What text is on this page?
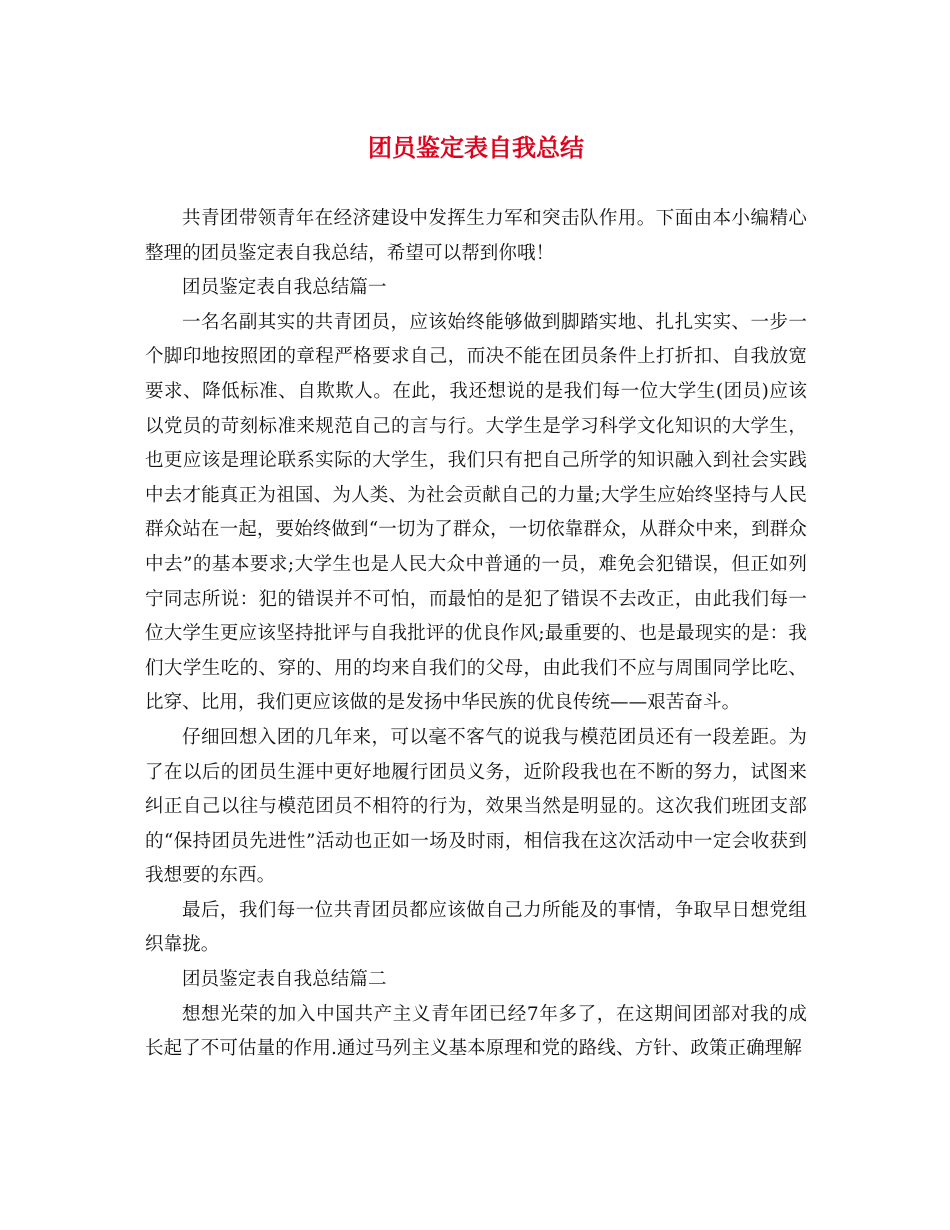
团员鉴定表自我总结

共青团带领青年在经济建设中发挥生力军和突击队作用。下面由本小编精心整理的团员鉴定表自我总结，希望可以帮到你哦！

团员鉴定表自我总结篇一

一名名副其实的共青团员，应该始终能够做到脚踏实地、扎扎实实、一步一个脚印地按照团的章程严格要求自己，而决不能在团员条件上打折扣、自我放宽要求、降低标准、自欺欺人。在此，我还想说的是我们每一位大学生(团员)应该以党员的苛刻标准来规范自己的言与行。大学生是学习科学文化知识的大学生，也更应该是理论联系实际的大学生，我们只有把自己所学的知识融入到社会实践中去才能真正为祖国、为人类、为社会贡献自己的力量;大学生应始终坚持与人民群众站在一起，要始终做到“一切为了群众，一切依靠群众，从群众中来，到群众中去”的基本要求;大学生也是人民大众中普通的一员，难免会犯错误，但正如列宁同志所说：犯的错误并不可怕，而最怕的是犯了错误不去改正，由此我们每一位大学生更应该坚持批评与自我批评的优良作风;最重要的、也是最现实的是：我们大学生吃的、穿的、用的均来自我们的父母，由此我们不应与周围同学比吃、比穿、比用，我们更应该做的是发扬中华民族的优良传统——艰苦奋斗。

仔细回想入团的几年来，可以毫不客气的说我与模范团员还有一段差距。为了在以后的团员生涯中更好地履行团员义务，近阶段我也在不断的努力，试图来纠正自己以往与模范团员不相符的行为，效果当然是明显的。这次我们班团支部的“保持团员先进性”活动也正如一场及时雨，相信我在这次活动中一定会收获到我想要的东西。

最后，我们每一位共青团员都应该做自己力所能及的事情，争取早日想党组织靠拢。

团员鉴定表自我总结篇二

想想光荣的加入中国共产主义青年团已经7年多了，在这期间团部对我的成长起了不可估量的作用.通过马列主义基本原理和党的路线、方针、政策正确理解
